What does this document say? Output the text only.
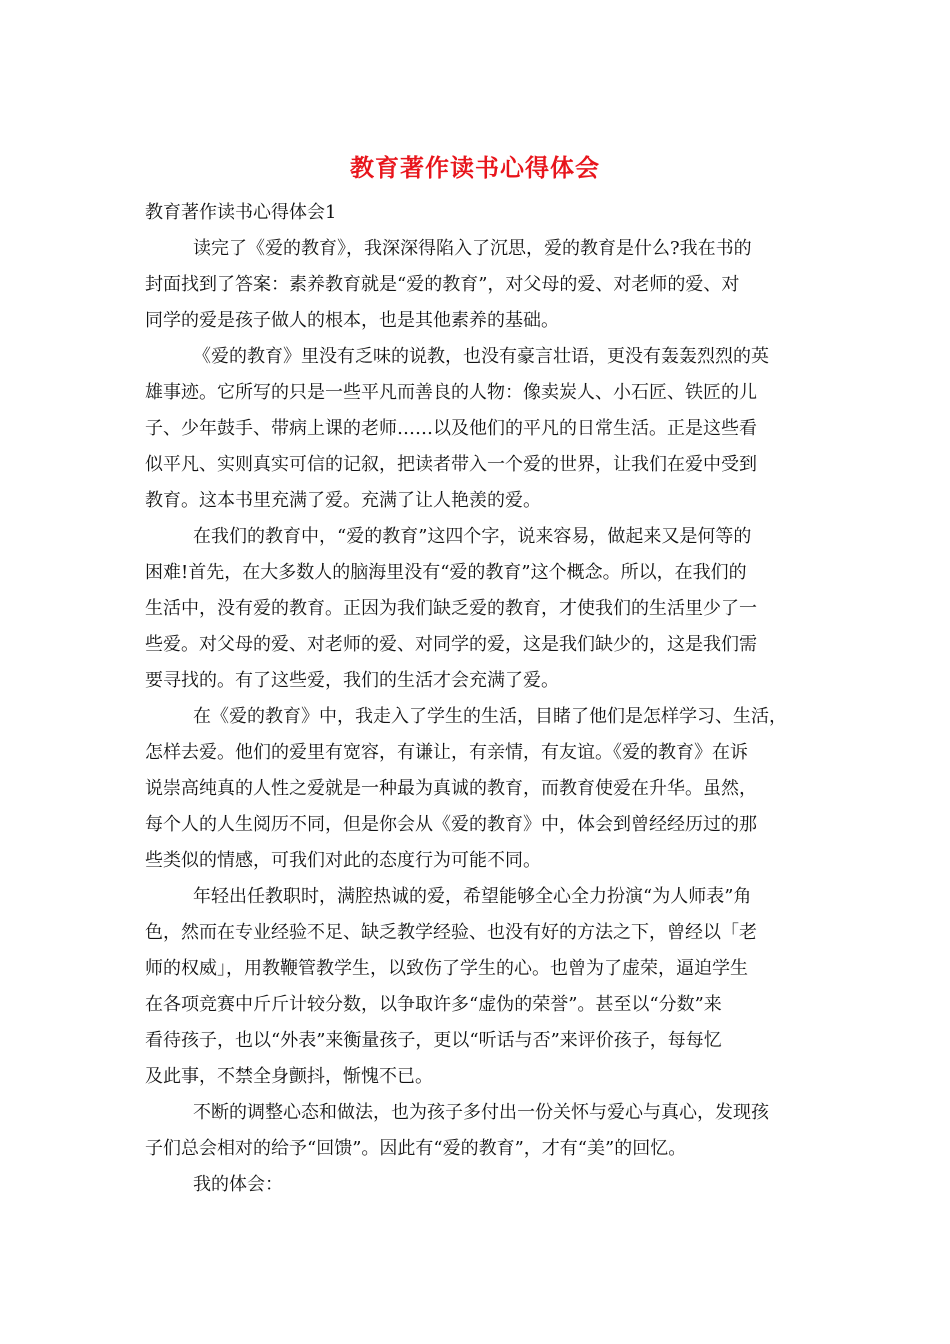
教育著作读书心得体会
教育著作读书心得体会1
读完了《爱的教育》，我深深得陷入了沉思，爱的教育是什么?我在书的
封面找到了答案：素养教育就是“爱的教育”，对父母的爱、对老师的爱、对
同学的爱是孩子做人的根本，也是其他素养的基础。
《爱的教育》里没有乏味的说教，也没有豪言壮语，更没有轰轰烈烈的英
雄事迹。它所写的只是一些平凡而善良的人物：像卖炭人、小石匠、铁匠的儿
子、少年鼓手、带病上课的老师……以及他们的平凡的日常生活。正是这些看
似平凡、实则真实可信的记叙，把读者带入一个爱的世界，让我们在爱中受到
教育。这本书里充满了爱。充满了让人艳羡的爱。
在我们的教育中，“爱的教育”这四个字，说来容易，做起来又是何等的
困难!首先，在大多数人的脑海里没有“爱的教育”这个概念。所以，在我们的
生活中，没有爱的教育。正因为我们缺乏爱的教育，才使我们的生活里少了一
些爱。对父母的爱、对老师的爱、对同学的爱，这是我们缺少的，这是我们需
要寻找的。有了这些爱，我们的生活才会充满了爱。
在《爱的教育》中，我走入了学生的生活，目睹了他们是怎样学习、生活，
怎样去爱。他们的爱里有宽容，有谦让，有亲情，有友谊。《爱的教育》在诉
说崇高纯真的人性之爱就是一种最为真诚的教育，而教育使爱在升华。虽然，
每个人的人生阅历不同，但是你会从《爱的教育》中，体会到曾经经历过的那
些类似的情感，可我们对此的态度行为可能不同。
年轻出任教职时，满腔热诚的爱，希望能够全心全力扮演“为人师表”角
色，然而在专业经验不足、缺乏教学经验、也没有好的方法之下，曾经以「老
师的权威」，用教鞭管教学生，以致伤了学生的心。也曾为了虚荣，逼迫学生
在各项竞赛中斤斤计较分数，以争取许多“虚伪的荣誉”。甚至以“分数”来
看待孩子，也以“外表”来衡量孩子，更以“听话与否”来评价孩子，每每忆
及此事，不禁全身颤抖，惭愧不已。
不断的调整心态和做法，也为孩子多付出一份关怀与爱心与真心，发现孩
子们总会相对的给予“回馈”。因此有“爱的教育”，才有“美”的回忆。
我的体会：
